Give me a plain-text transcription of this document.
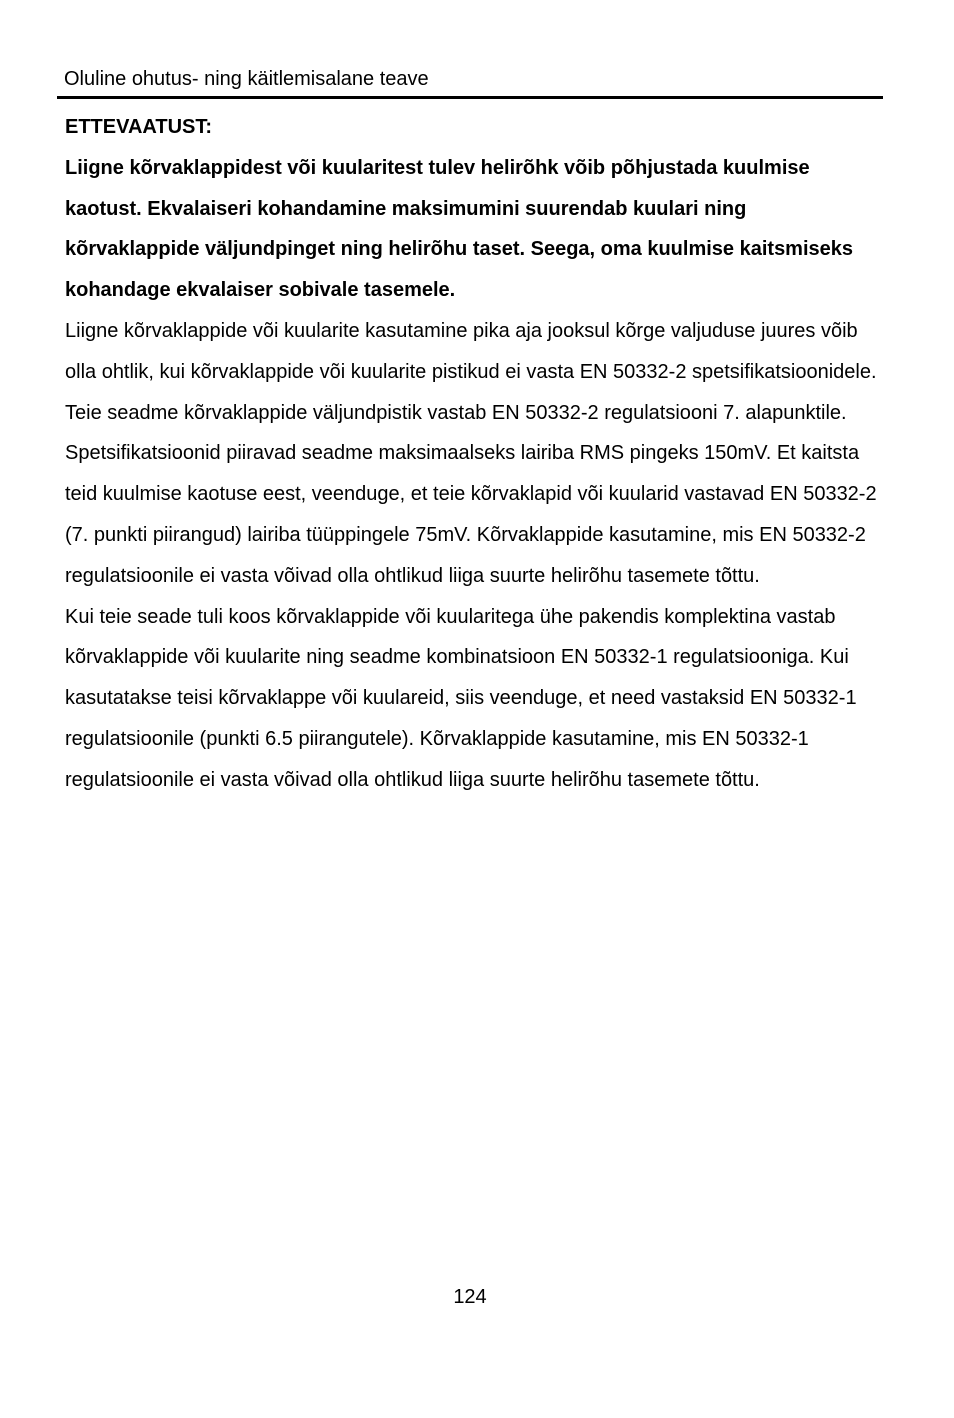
Oluline ohutus- ning käitlemisalane teave

ETTEVAATUST:

Liigne kõrvaklappidest või kuularitest tulev helirõhk võib põhjustada kuulmise kaotust. Ekvalaiseri kohandamine maksimumini suurendab kuulari ning kõrvaklappide väljundpinget ning helirõhu taset. Seega, oma kuulmise kaitsmiseks kohandage ekvalaiser sobivale tasemele.

Liigne kõrvaklappide või kuularite kasutamine pika aja jooksul kõrge valjuduse juures võib olla ohtlik, kui kõrvaklappide või kuularite pistikud ei vasta EN 50332-2 spetsifikatsioonidele.

Teie seadme kõrvaklappide väljundpistik vastab EN 50332-2 regulatsiooni 7. alapunktile. Spetsifikatsioonid piiravad seadme maksimaalseks lairiba RMS pingeks 150mV. Et kaitsta teid kuulmise kaotuse eest, veenduge, et teie kõrvaklapid või kuularid vastavad EN 50332-2 (7. punkti piirangud) lairiba tüüppingele 75mV. Kõrvaklappide kasutamine, mis EN 50332-2 regulatsioonile ei vasta võivad olla ohtlikud liiga suurte helirõhu tasemete tõttu.

Kui teie seade tuli koos kõrvaklappide või kuularitega ühe pakendis komplektina vastab kõrvaklappide või kuularite ning seadme kombinatsioon EN 50332-1 regulatsiooniga. Kui kasutatakse teisi kõrvaklappe või kuulareid, siis veenduge, et need vastaksid EN 50332-1 regulatsioonile (punkti 6.5 piirangutele). Kõrvaklappide kasutamine, mis EN 50332-1 regulatsioonile ei vasta võivad olla ohtlikud liiga suurte helirõhu tasemete tõttu.

124
